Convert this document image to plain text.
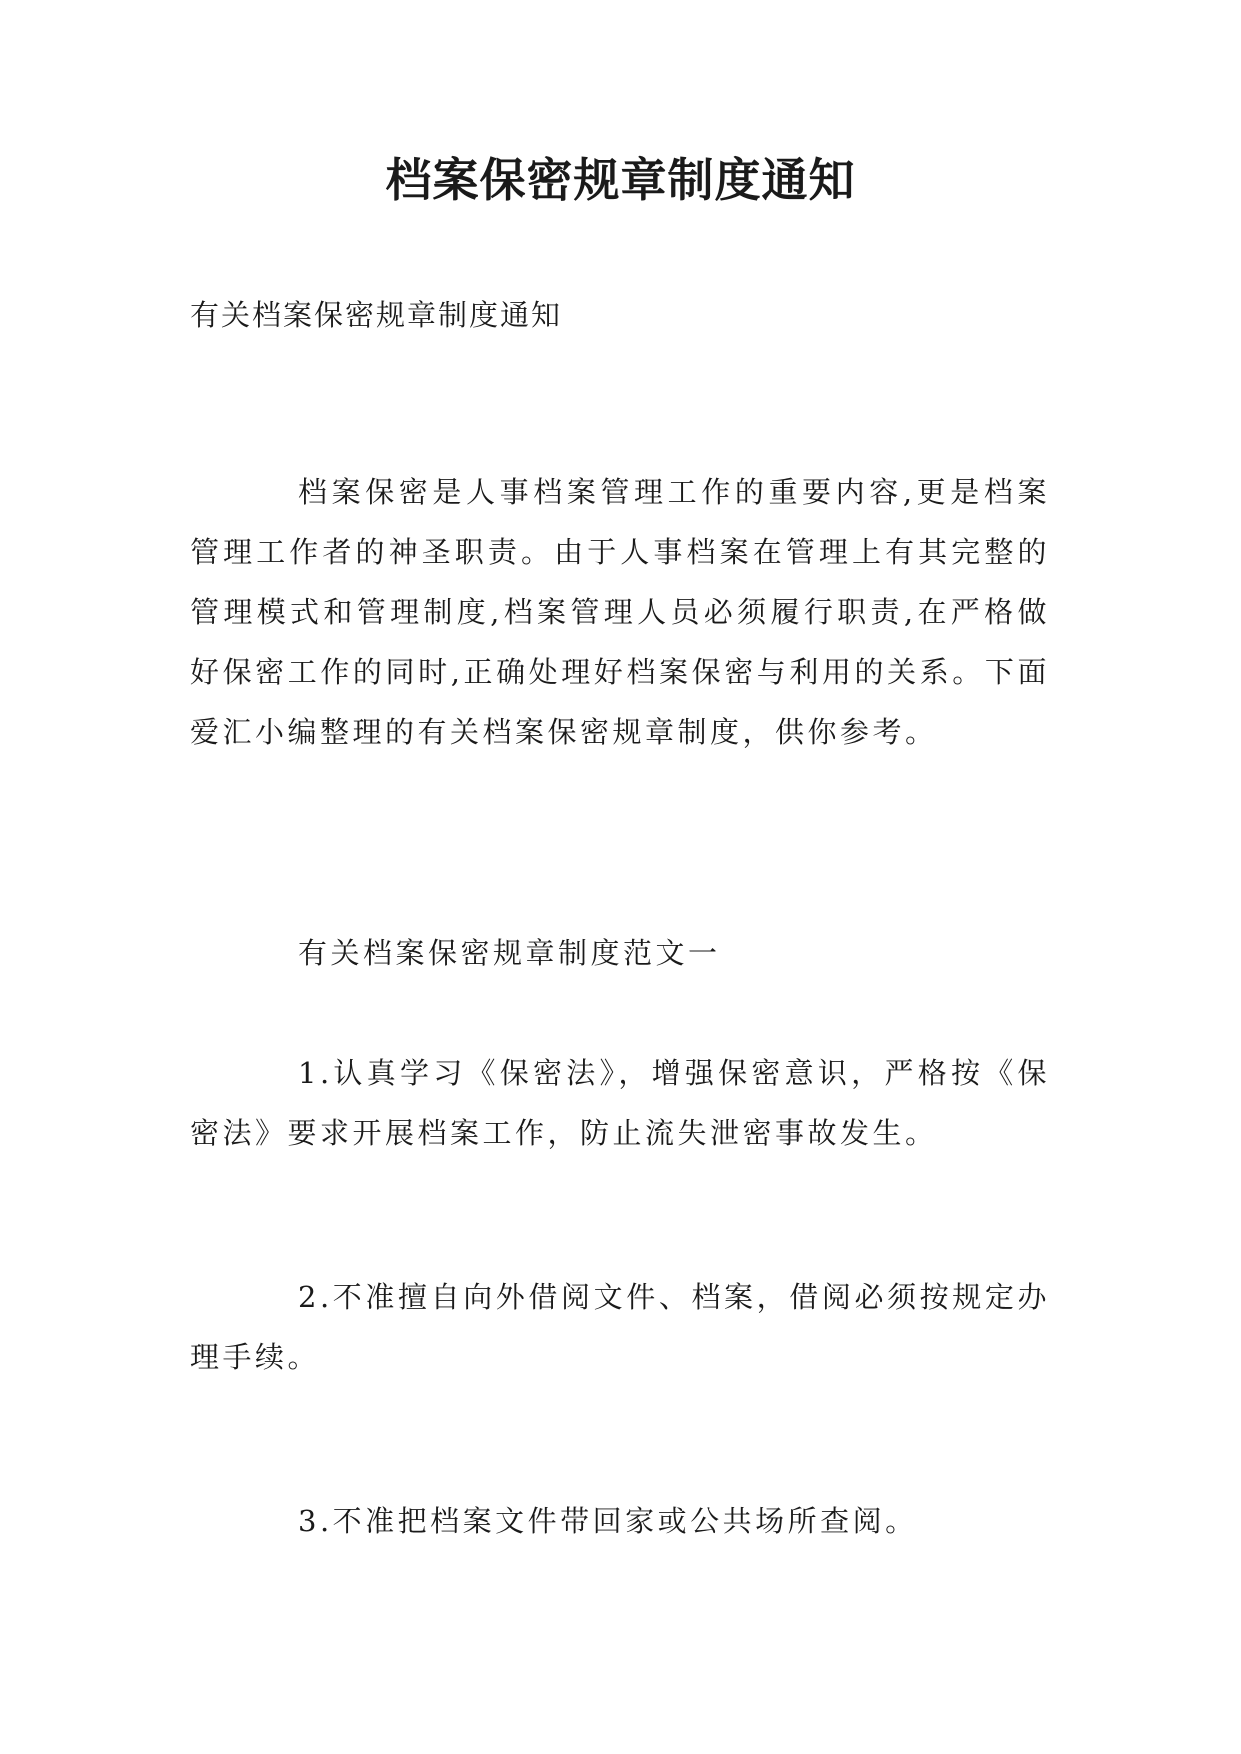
档案保密规章制度通知

有关档案保密规章制度通知

档案保密是人事档案管理工作的重要内容,更是档案管理工作者的神圣职责。由于人事档案在管理上有其完整的管理模式和管理制度,档案管理人员必须履行职责,在严格做好保密工作的同时,正确处理好档案保密与利用的关系。下面爱汇小编整理的有关档案保密规章制度，供你参考。

有关档案保密规章制度范文一

1.认真学习《保密法》，增强保密意识，严格按《保密法》要求开展档案工作，防止流失泄密事故发生。

2.不准擅自向外借阅文件、档案，借阅必须按规定办理手续。

3.不准把档案文件带回家或公共场所查阅。
